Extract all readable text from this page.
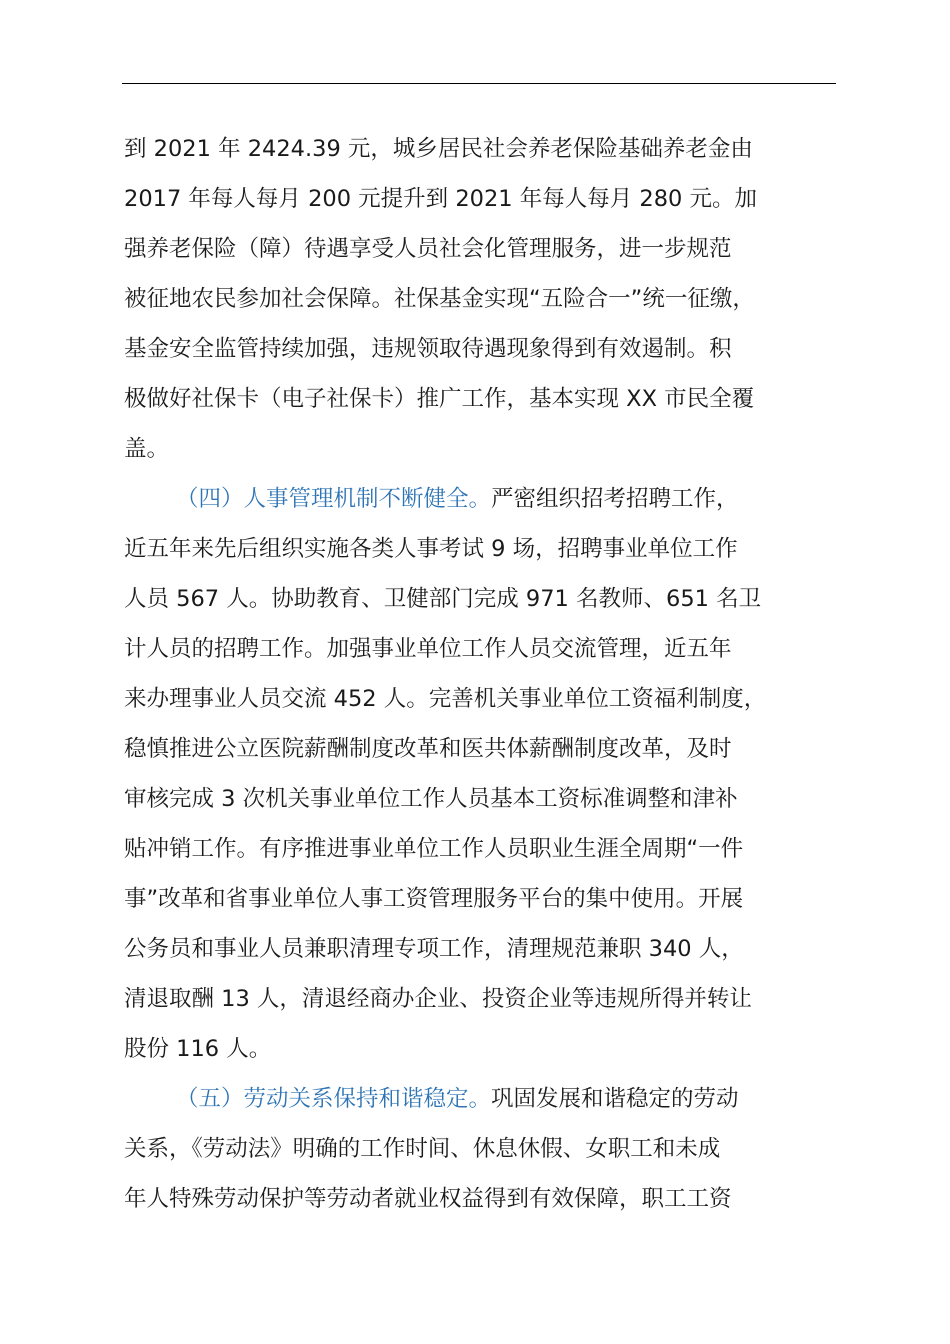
到 2021 年 2424.39 元，城乡居民社会养老保险基础养老金由
2017 年每人每月 200 元提升到 2021 年每人每月 280 元。加
强养老保险（障）待遇享受人员社会化管理服务，进一步规范
被征地农民参加社会保障。社保基金实现“五险合一”统一征缴，
基金安全监管持续加强，违规领取待遇现象得到有效遏制。积
极做好社保卡（电子社保卡）推广工作，基本实现 XX 市民全覆
盖。
（四）人事管理机制不断健全。严密组织招考招聘工作，
近五年来先后组织实施各类人事考试 9 场，招聘事业单位工作
人员 567 人。协助教育、卫健部门完成 971 名教师、651 名卫
计人员的招聘工作。加强事业单位工作人员交流管理，近五年
来办理事业人员交流 452 人。完善机关事业单位工资福利制度，
稳慎推进公立医院薪酬制度改革和医共体薪酬制度改革，及时
审核完成 3 次机关事业单位工作人员基本工资标准调整和津补
贴冲销工作。有序推进事业单位工作人员职业生涯全周期“一件
事”改革和省事业单位人事工资管理服务平台的集中使用。开展
公务员和事业人员兼职清理专项工作，清理规范兼职 340 人，
清退取酬 13 人，清退经商办企业、投资企业等违规所得并转让
股份 116 人。
（五）劳动关系保持和谐稳定。巩固发展和谐稳定的劳动
关系，《劳动法》明确的工作时间、休息休假、女职工和未成
年人特殊劳动保护等劳动者就业权益得到有效保障，职工工资
